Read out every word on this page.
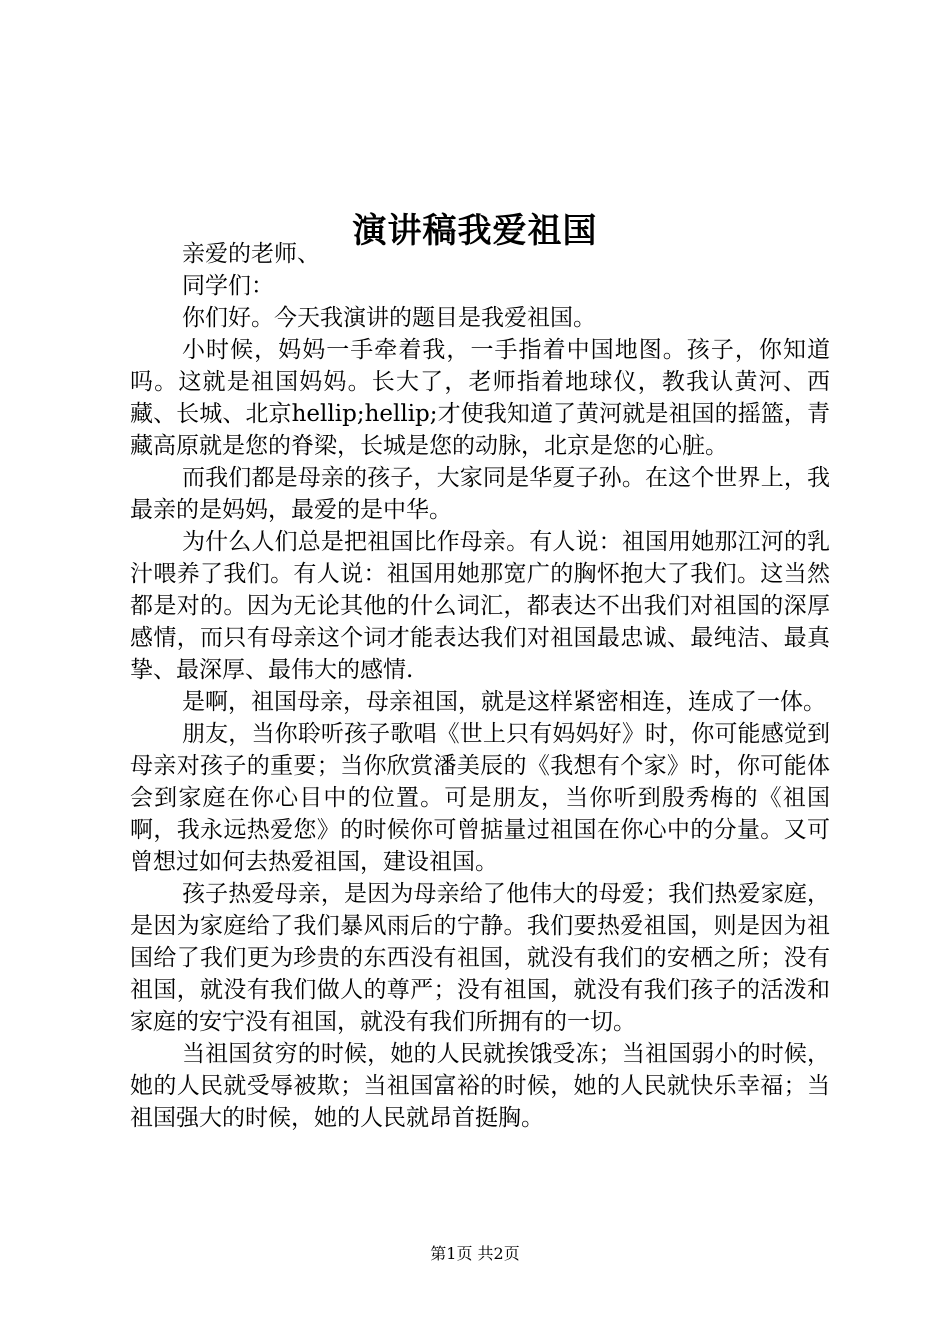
演讲稿我爱祖国

亲爱的老师、

同学们：

你们好。今天我演讲的题目是我爱祖国。

小时候，妈妈一手牵着我，一手指着中国地图。孩子，你知道吗。这就是祖国妈妈。长大了，老师指着地球仪，教我认黄河、西藏、长城、北京hellip;hellip;才使我知道了黄河就是祖国的摇篮，青藏高原就是您的脊梁，长城是您的动脉，北京是您的心脏。

而我们都是母亲的孩子，大家同是华夏子孙。在这个世界上，我最亲的是妈妈，最爱的是中华。

为什么人们总是把祖国比作母亲。有人说：祖国用她那江河的乳汁喂养了我们。有人说：祖国用她那宽广的胸怀抱大了我们。这当然都是对的。因为无论其他的什么词汇，都表达不出我们对祖国的深厚感情，而只有母亲这个词才能表达我们对祖国最忠诚、最纯洁、最真挚、最深厚、最伟大的感情.

是啊，祖国母亲，母亲祖国，就是这样紧密相连，连成了一体。

朋友，当你聆听孩子歌唱《世上只有妈妈好》时，你可能感觉到母亲对孩子的重要；当你欣赏潘美辰的《我想有个家》时，你可能体会到家庭在你心目中的位置。可是朋友，当你听到殷秀梅的《祖国啊，我永远热爱您》的时候你可曾掂量过祖国在你心中的分量。又可曾想过如何去热爱祖国，建设祖国。

孩子热爱母亲，是因为母亲给了他伟大的母爱；我们热爱家庭，是因为家庭给了我们暴风雨后的宁静。我们要热爱祖国，则是因为祖国给了我们更为珍贵的东西没有祖国，就没有我们的安栖之所；没有祖国，就没有我们做人的尊严；没有祖国，就没有我们孩子的活泼和家庭的安宁没有祖国，就没有我们所拥有的一切。

当祖国贫穷的时候，她的人民就挨饿受冻；当祖国弱小的时候，她的人民就受辱被欺；当祖国富裕的时候，她的人民就快乐幸福；当祖国强大的时候，她的人民就昂首挺胸。

第1页 共2页
